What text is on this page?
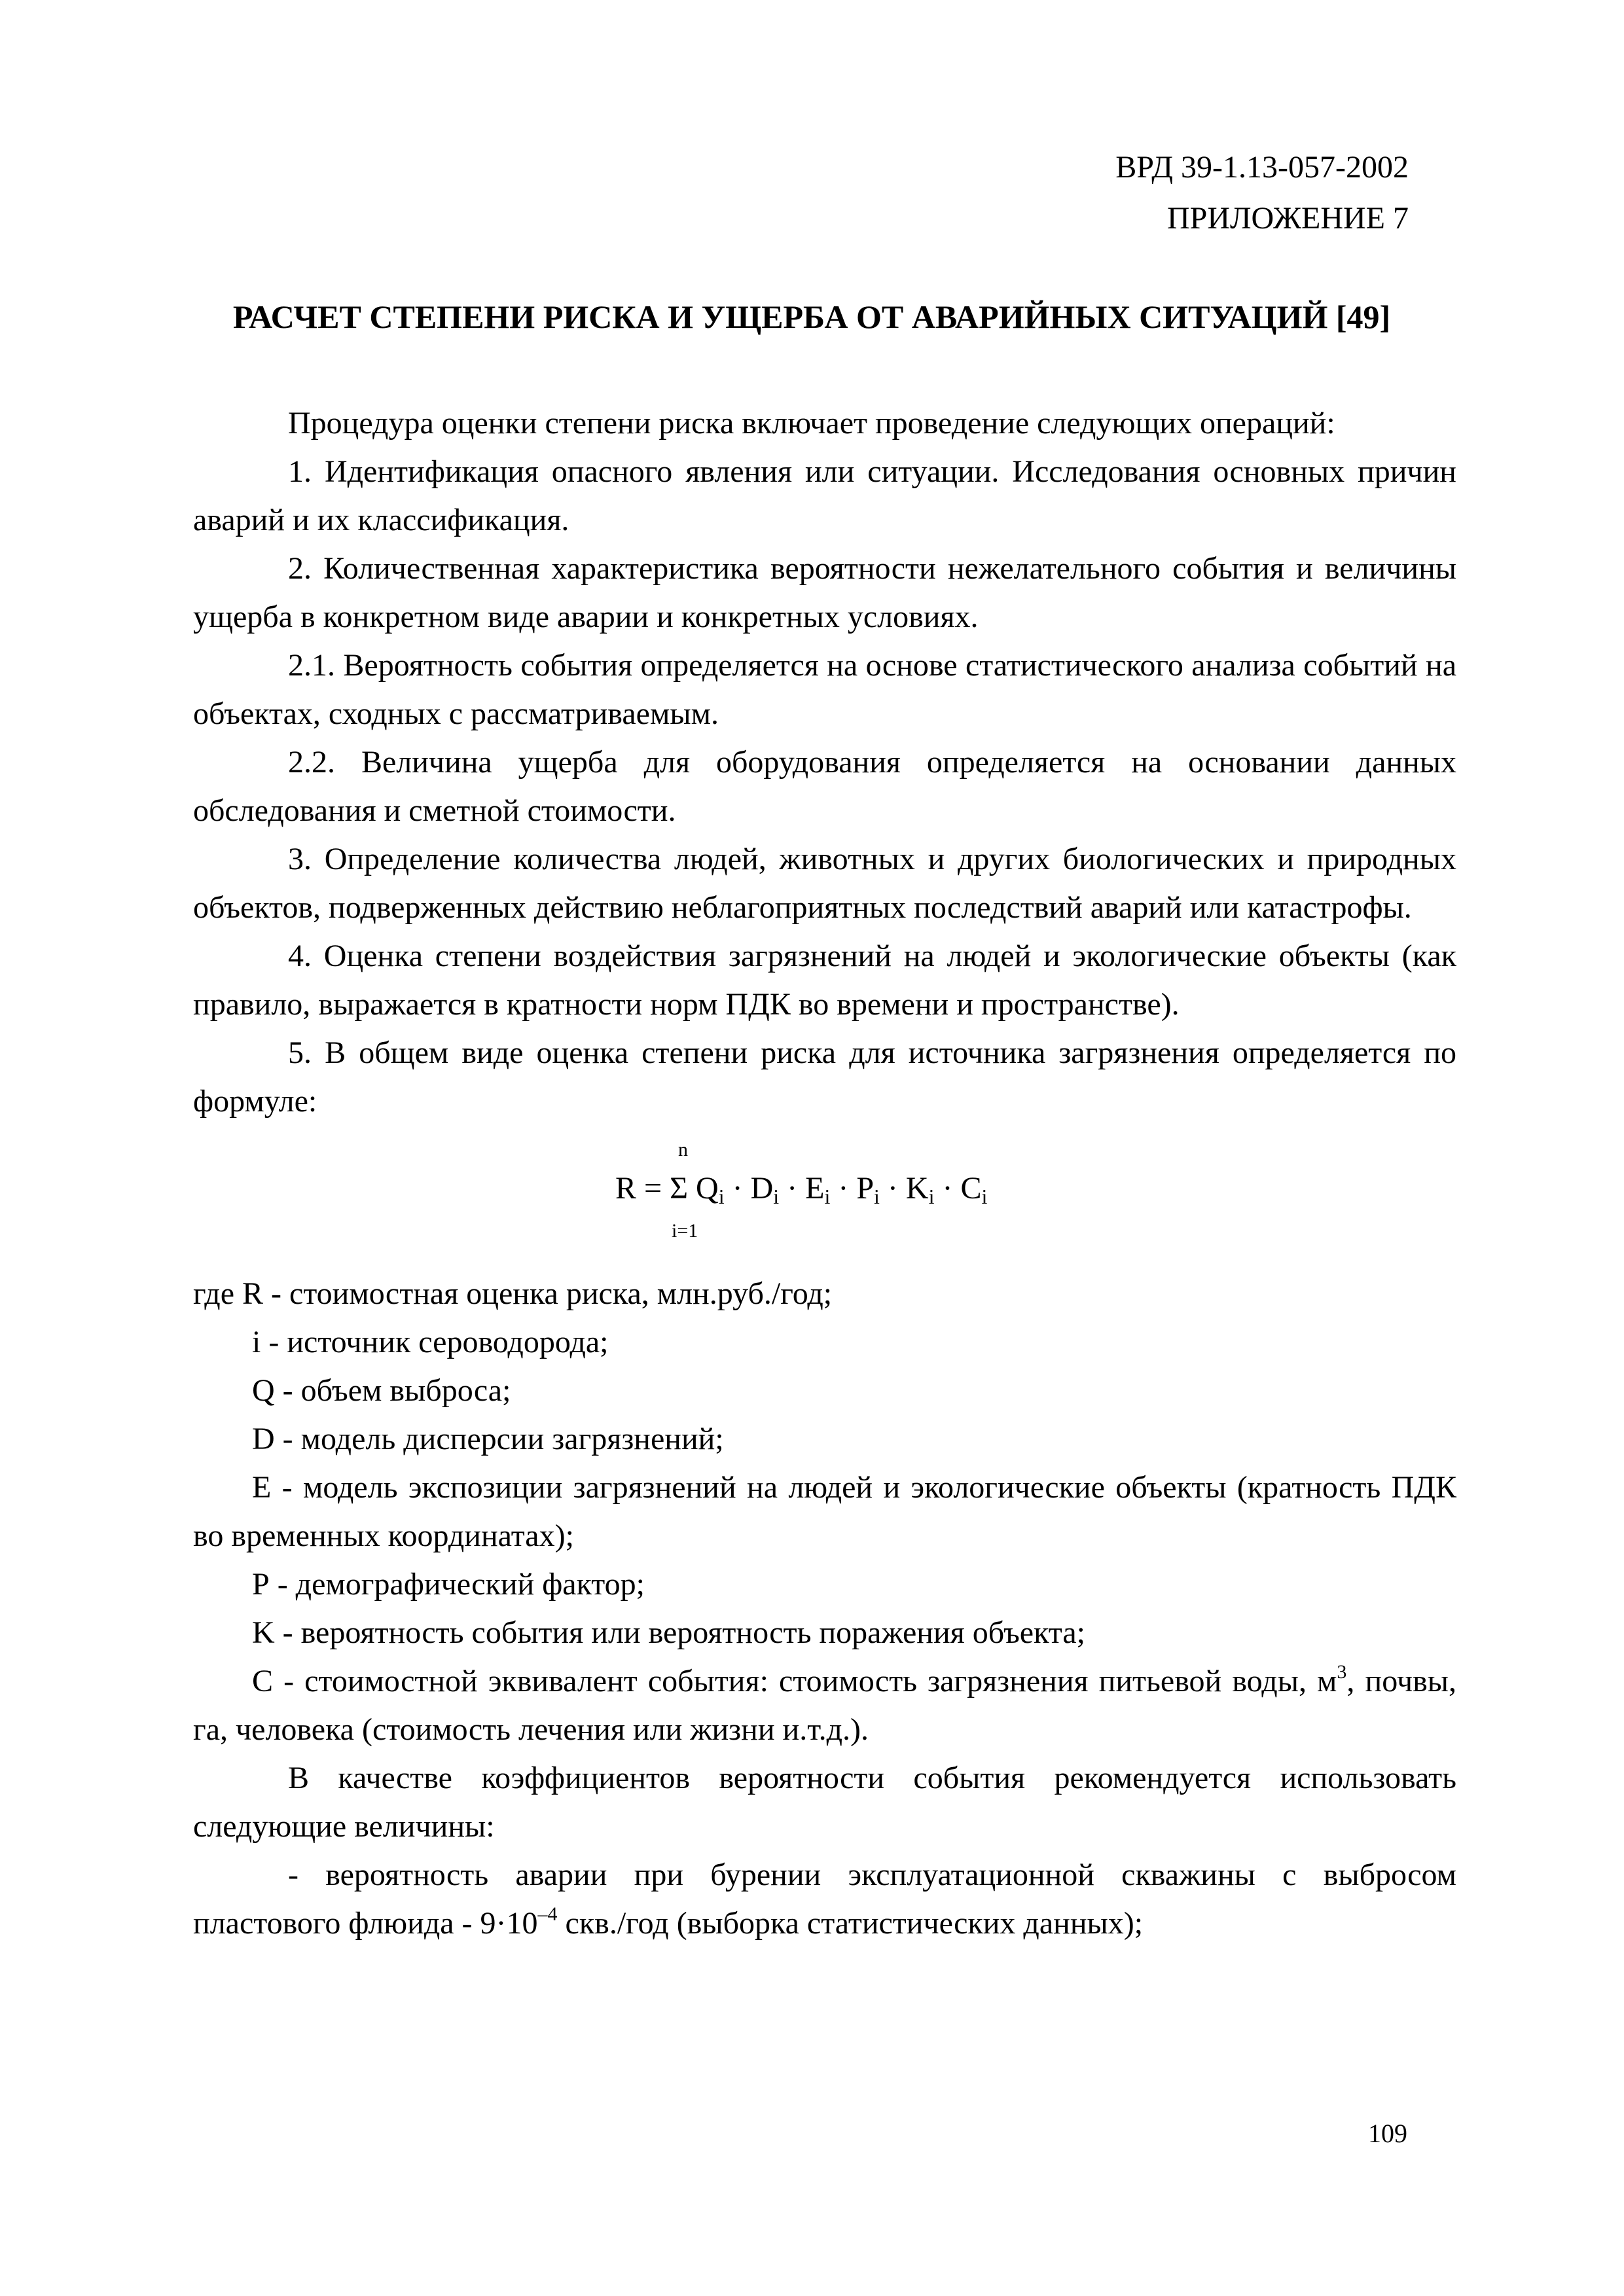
ВРД 39-1.13-057-2002
ПРИЛОЖЕНИЕ 7
РАСЧЕТ СТЕПЕНИ РИСКА И УЩЕРБА ОТ АВАРИЙНЫХ СИТУАЦИЙ [49]

Процедура оценки степени риска включает проведение следующих операций:

1. Идентификация опасного явления или ситуации. Исследования основных причин аварий и их классификация.

2. Количественная характеристика вероятности нежелательного события и величины ущерба в конкретном виде аварии и конкретных условиях.

2.1. Вероятность события определяется на основе статистического анализа событий на объектах, сходных с рассматриваемым.

2.2. Величина ущерба для оборудования определяется на основании данных обследования и сметной стоимости.

3. Определение количества людей, животных и других биологических и природных объектов, подверженных действию неблагоприятных последствий аварий или катастрофы.

4. Оценка степени воздействия загрязнений на людей и экологические объекты (как правило, выражается в кратности норм ПДК во времени и пространстве).

5. В общем виде оценка степени риска для источника загрязнения определяется по формуле:

n
R = Σ $Q_i \cdot D_i \cdot E_i \cdot P_i \cdot K_i \cdot C_i$
i=1

где R - стоимостная оценка риска, млн.руб./год;

i - источник сероводорода;

Q - объем выброса;

D - модель дисперсии загрязнений;

Е - модель экспозиции загрязнений на людей и экологические объекты (кратность ПДК во временных координатах);

Р - демографический фактор;

K - вероятность события или вероятность поражения объекта;

С - стоимостной эквивалент события: стоимость загрязнения питьевой воды, $м^3$, почвы, га, человека (стоимость лечения или жизни и.т.д.).

В качестве коэффициентов вероятности события рекомендуется использовать следующие величины:

- вероятность аварии при бурении эксплуатационной скважины с выбросом пластового флюида - $9\cdot 10^{-4}$ скв./год (выборка статистических данных);

109
